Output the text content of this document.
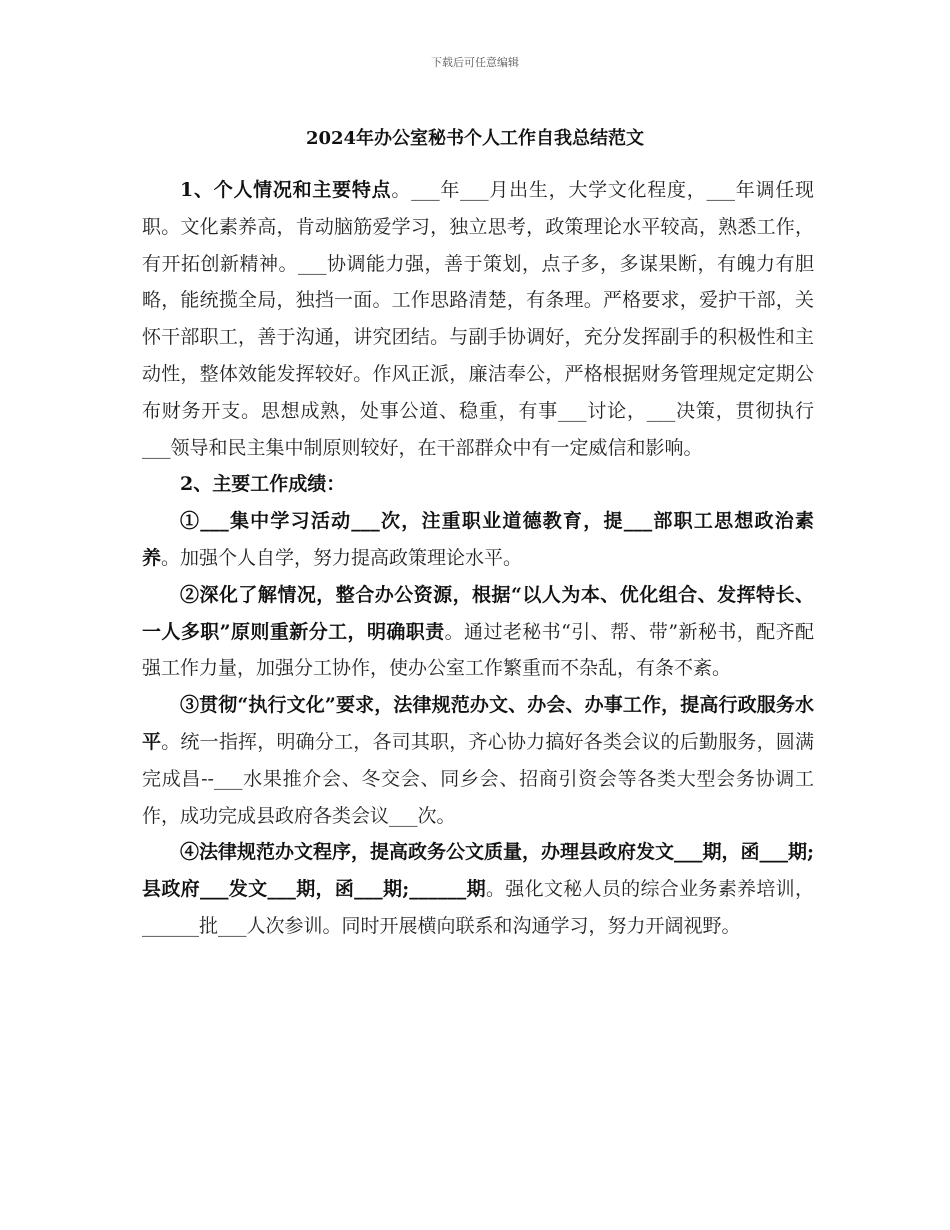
下载后可任意编辑
2024年办公室秘书个人工作自我总结范文

1、个人情况和主要特点。___年___月出生，大学文化程度，___年调任现职。文化素养高，肯动脑筋爱学习，独立思考，政策理论水平较高，熟悉工作，有开拓创新精神。___协调能力强，善于策划，点子多，多谋果断，有魄力有胆略，能统揽全局，独挡一面。工作思路清楚，有条理。严格要求，爱护干部，关怀干部职工，善于沟通，讲究团结。与副手协调好，充分发挥副手的积极性和主动性，整体效能发挥较好。作风正派，廉洁奉公，严格根据财务管理规定定期公布财务开支。思想成熟，处事公道、稳重，有事___讨论，___决策，贯彻执行___领导和民主集中制原则较好，在干部群众中有一定威信和影响。

2、主要工作成绩：

①___集中学习活动___次，注重职业道德教育，提___部职工思想政治素养。加强个人自学，努力提高政策理论水平。

②深化了解情况，整合办公资源，根据“以人为本、优化组合、发挥特长、一人多职”原则重新分工，明确职责。通过老秘书“引、帮、带”新秘书，配齐配强工作力量，加强分工协作，使办公室工作繁重而不杂乱，有条不紊。

③贯彻“执行文化”要求，法律规范办文、办会、办事工作，提高行政服务水平。统一指挥，明确分工，各司其职，齐心协力搞好各类会议的后勤服务，圆满完成昌--___水果推介会、冬交会、同乡会、招商引资会等各类大型会务协调工作，成功完成县政府各类会议___次。

④法律规范办文程序，提高政务公文质量，办理县政府发文___期，函___期;县政府___发文___期，函___期;______期。强化文秘人员的综合业务素养培训，______批___人次参训。同时开展横向联系和沟通学习，努力开阔视野。
